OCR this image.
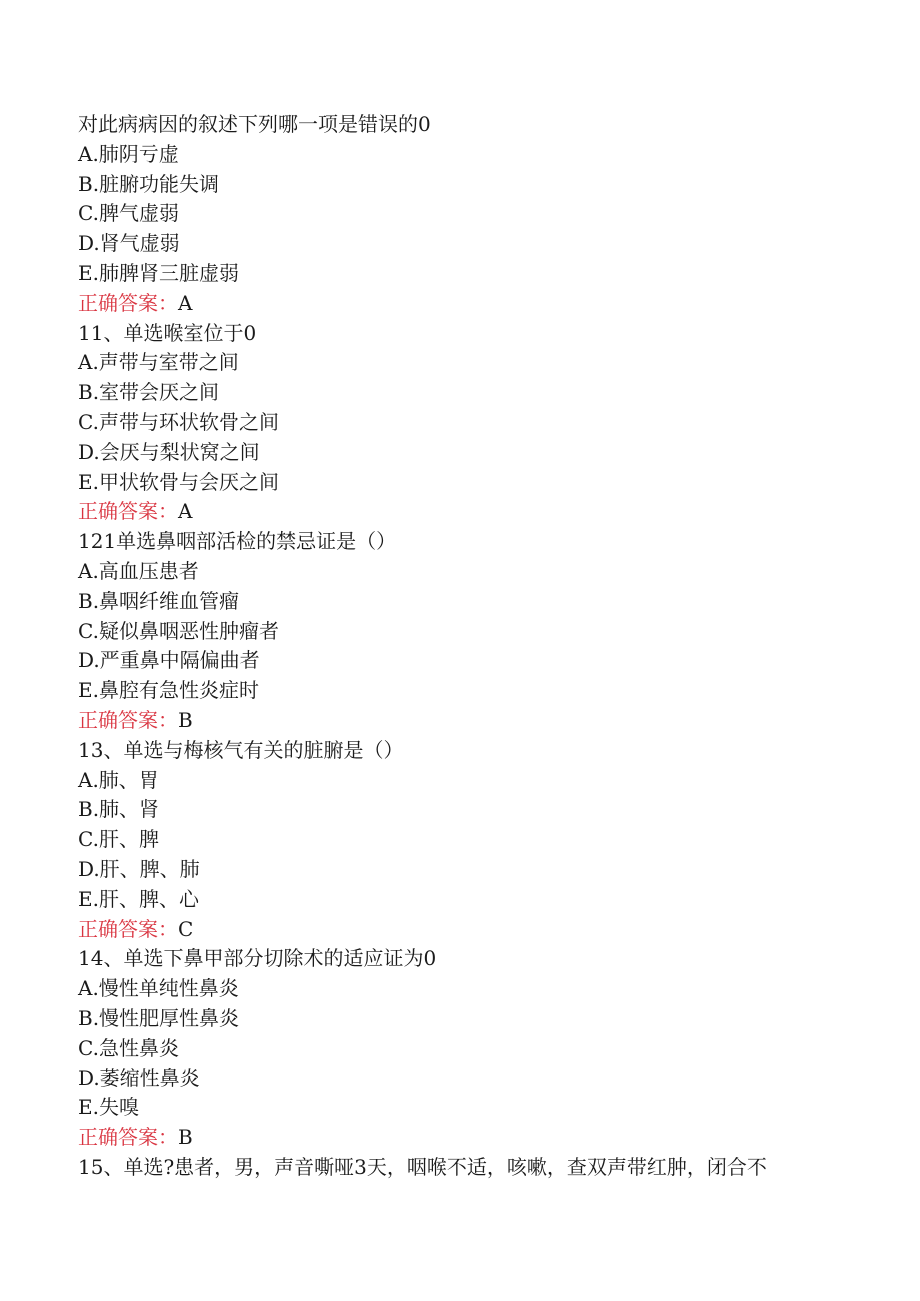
对此病病因的叙述下列哪一项是错误的0
A.肺阴亏虚
B.脏腑功能失调
C.脾气虚弱
D.肾气虚弱
E.肺脾肾三脏虚弱
正确答案：A
11、单选喉室位于0
A.声带与室带之间
B.室带会厌之间
C.声带与环状软骨之间
D.会厌与梨状窝之间
E.甲状软骨与会厌之间
正确答案：A
121单选鼻咽部活检的禁忌证是（）
A.高血压患者
B.鼻咽纤维血管瘤
C.疑似鼻咽恶性肿瘤者
D.严重鼻中隔偏曲者
E.鼻腔有急性炎症时
正确答案：B
13、单选与梅核气有关的脏腑是（）
A.肺、胃
B.肺、肾
C.肝、脾
D.肝、脾、肺
E.肝、脾、心
正确答案：C
14、单选下鼻甲部分切除术的适应证为0
A.慢性单纯性鼻炎
B.慢性肥厚性鼻炎
C.急性鼻炎
D.萎缩性鼻炎
E.失嗅
正确答案：B
15、单选?患者，男，声音嘶哑3天，咽喉不适，咳嗽，查双声带红肿，闭合不
